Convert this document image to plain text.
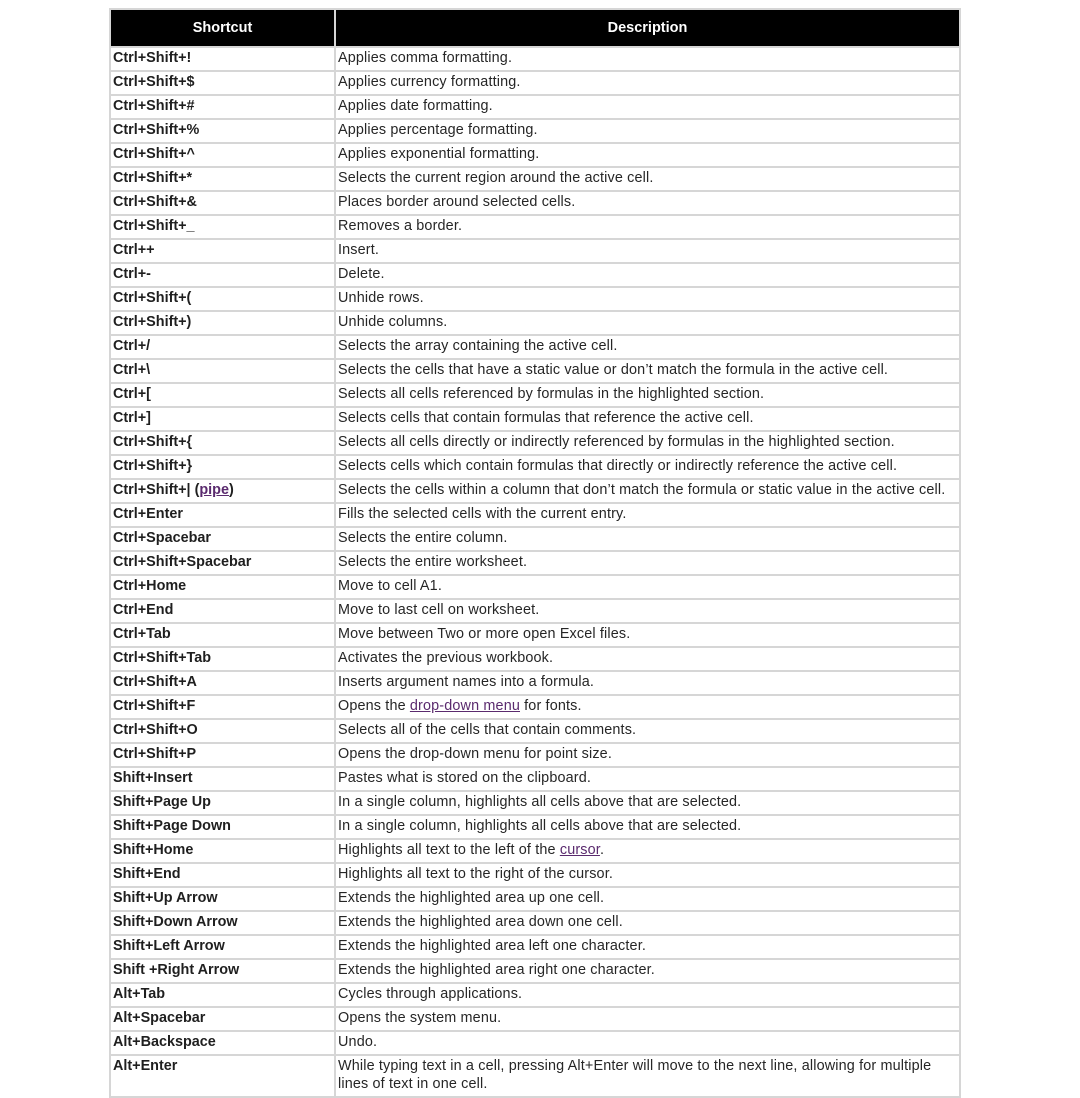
Shortcut	Description
Ctrl+Shift+!	Applies comma formatting.
Ctrl+Shift+$	Applies currency formatting.
Ctrl+Shift+#	Applies date formatting.
Ctrl+Shift+%	Applies percentage formatting.
Ctrl+Shift+^	Applies exponential formatting.
Ctrl+Shift+*	Selects the current region around the active cell.
Ctrl+Shift+&	Places border around selected cells.
Ctrl+Shift+_	Removes a border.
Ctrl++	Insert.
Ctrl+-	Delete.
Ctrl+Shift+(	Unhide rows.
Ctrl+Shift+)	Unhide columns.
Ctrl+/	Selects the array containing the active cell.
Ctrl+\	Selects the cells that have a static value or don’t match the formula in the active cell.
Ctrl+[	Selects all cells referenced by formulas in the highlighted section.
Ctrl+]	Selects cells that contain formulas that reference the active cell.
Ctrl+Shift+{	Selects all cells directly or indirectly referenced by formulas in the highlighted section.
Ctrl+Shift+}	Selects cells which contain formulas that directly or indirectly reference the active cell.
Ctrl+Shift+| (pipe)	Selects the cells within a column that don’t match the formula or static value in the active cell.
Ctrl+Enter	Fills the selected cells with the current entry.
Ctrl+Spacebar	Selects the entire column.
Ctrl+Shift+Spacebar	Selects the entire worksheet.
Ctrl+Home	Move to cell A1.
Ctrl+End	Move to last cell on worksheet.
Ctrl+Tab	Move between Two or more open Excel files.
Ctrl+Shift+Tab	Activates the previous workbook.
Ctrl+Shift+A	Inserts argument names into a formula.
Ctrl+Shift+F	Opens the drop-down menu for fonts.
Ctrl+Shift+O	Selects all of the cells that contain comments.
Ctrl+Shift+P	Opens the drop-down menu for point size.
Shift+Insert	Pastes what is stored on the clipboard.
Shift+Page Up	In a single column, highlights all cells above that are selected.
Shift+Page Down	In a single column, highlights all cells above that are selected.
Shift+Home	Highlights all text to the left of the cursor.
Shift+End	Highlights all text to the right of the cursor.
Shift+Up Arrow	Extends the highlighted area up one cell.
Shift+Down Arrow	Extends the highlighted area down one cell.
Shift+Left Arrow	Extends the highlighted area left one character.
Shift +Right Arrow	Extends the highlighted area right one character.
Alt+Tab	Cycles through applications.
Alt+Spacebar	Opens the system menu.
Alt+Backspace	Undo.
Alt+Enter	While typing text in a cell, pressing Alt+Enter will move to the next line, allowing for multiple lines of text in one cell.
